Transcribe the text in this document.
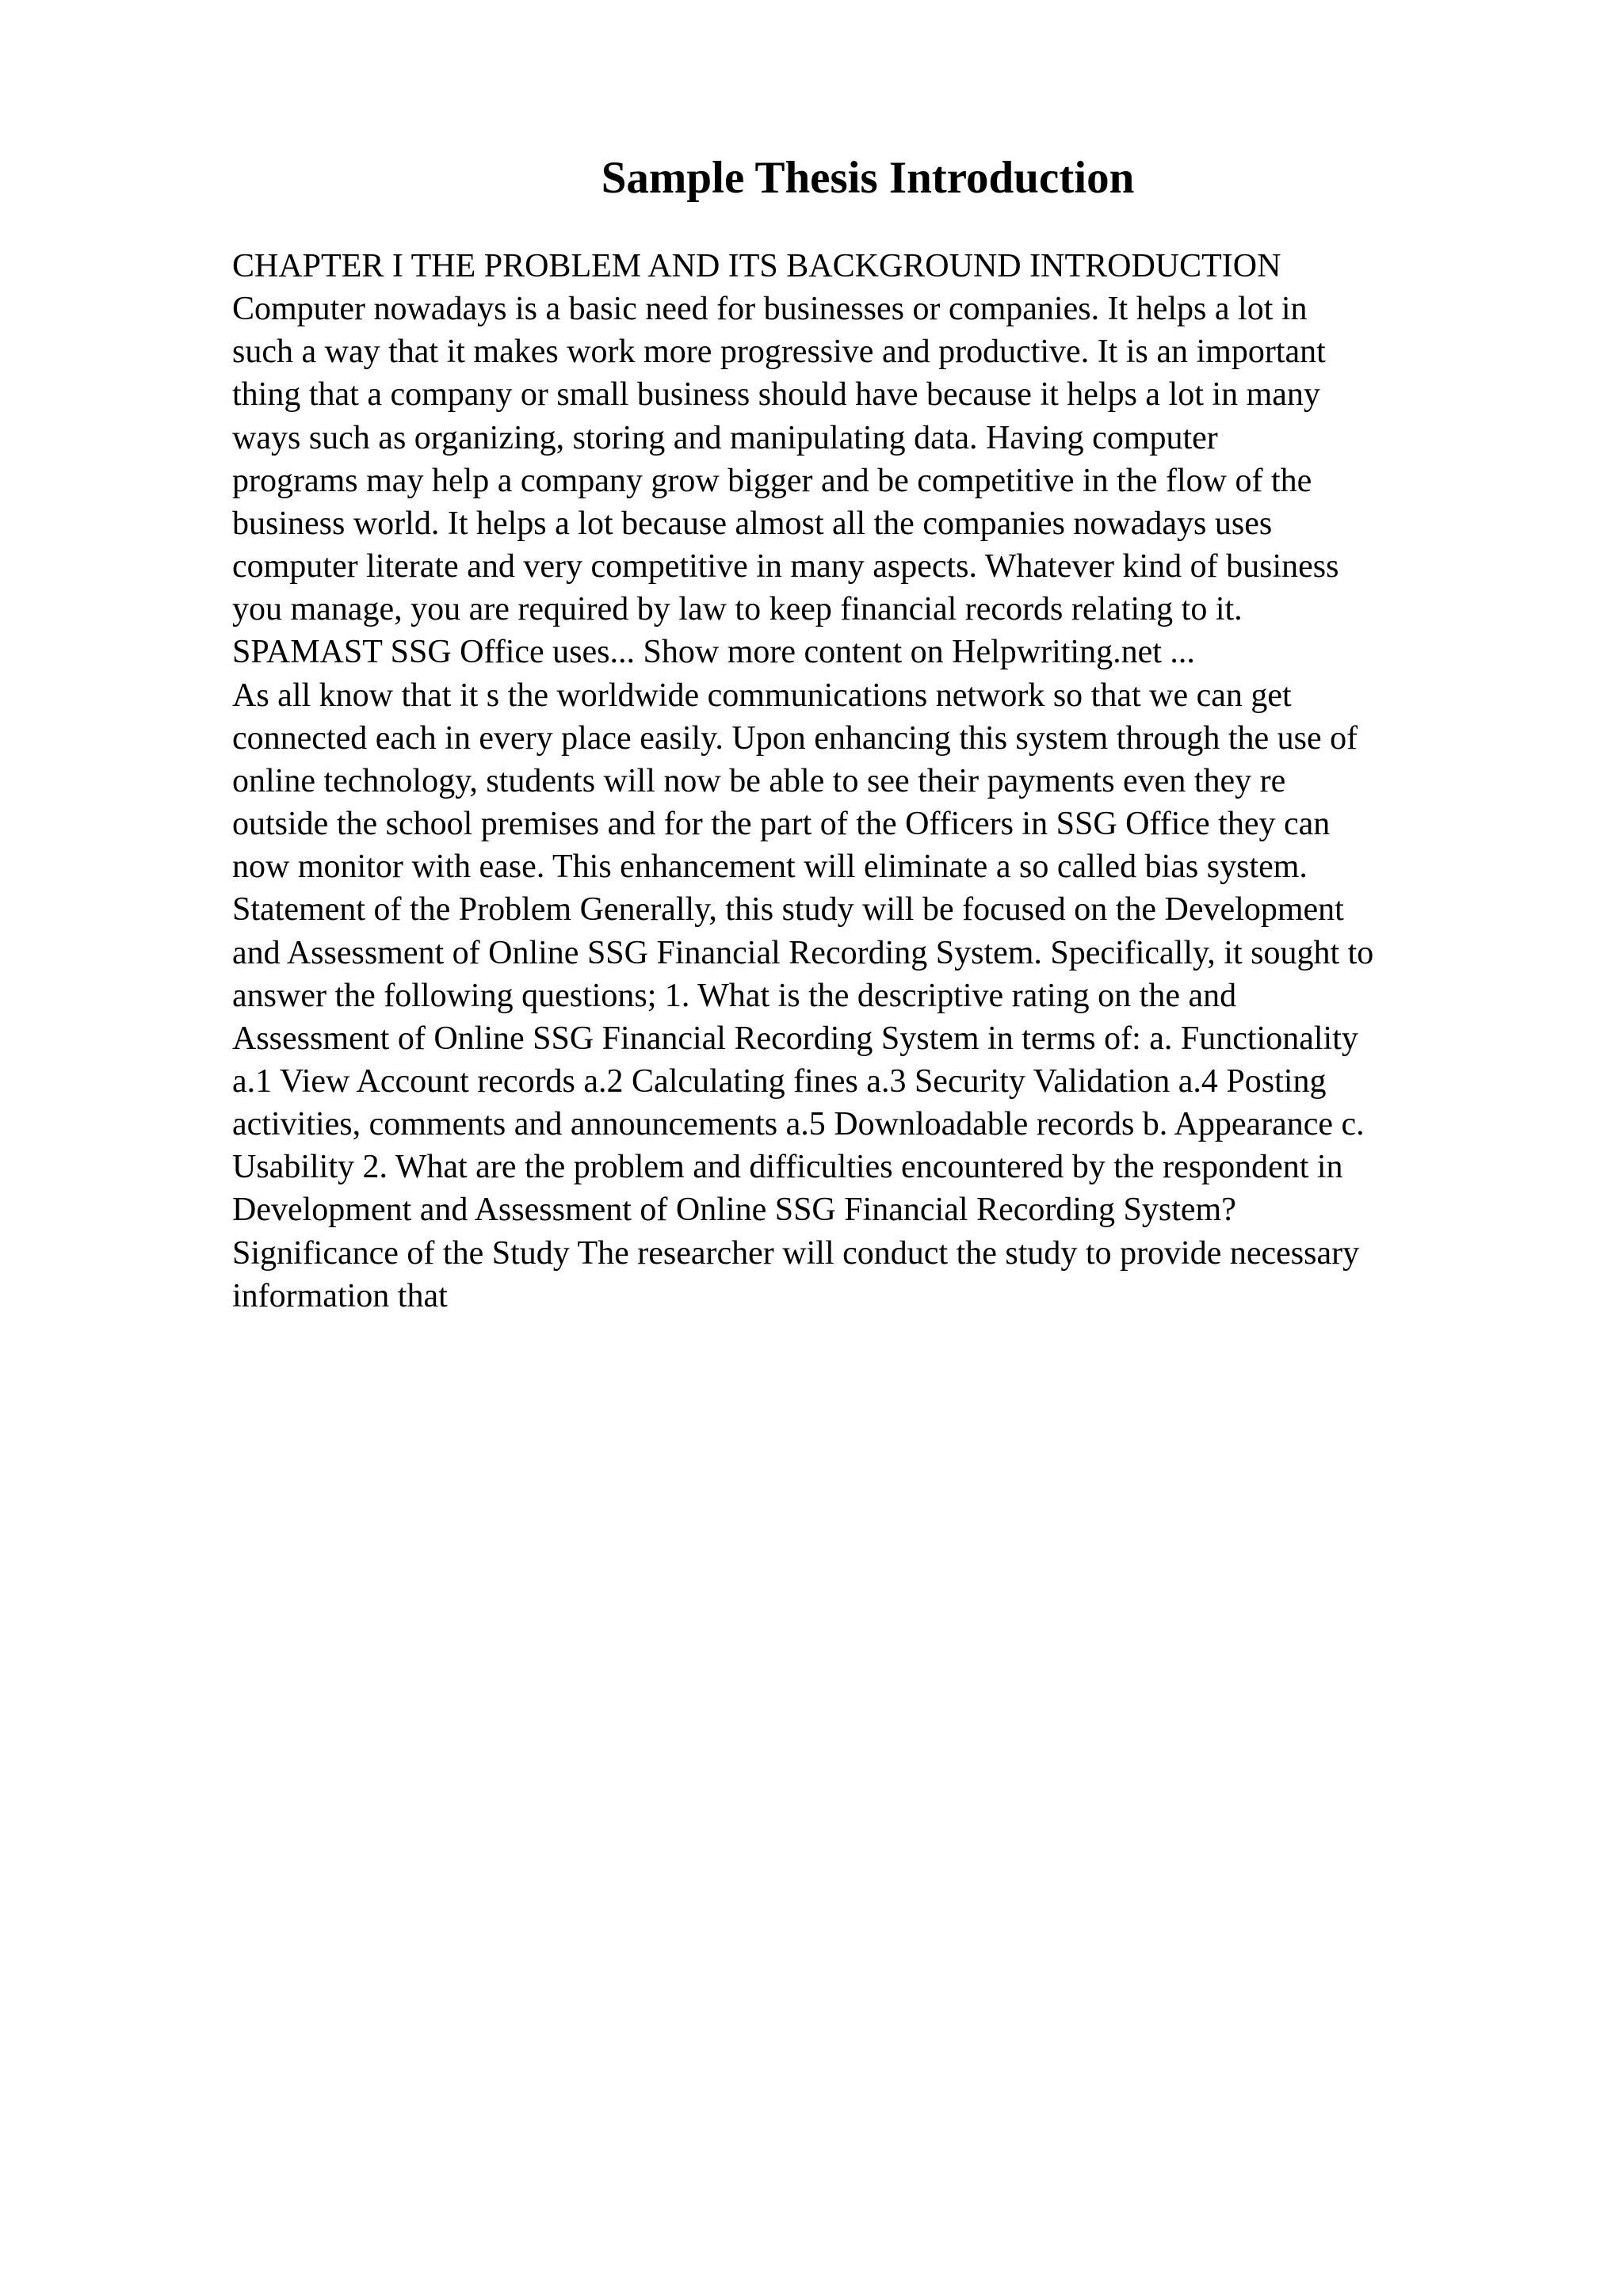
Sample Thesis Introduction
CHAPTER I THE PROBLEM AND ITS BACKGROUND INTRODUCTION
Computer nowadays is a basic need for businesses or companies. It helps a lot in
such a way that it makes work more progressive and productive. It is an important
thing that a company or small business should have because it helps a lot in many
ways such as organizing, storing and manipulating data. Having computer
programs may help a company grow bigger and be competitive in the flow of the
business world. It helps a lot because almost all the companies nowadays uses
computer literate and very competitive in many aspects. Whatever kind of business
you manage, you are required by law to keep financial records relating to it.
SPAMAST SSG Office uses... Show more content on Helpwriting.net ...
As all know that it s the worldwide communications network so that we can get
connected each in every place easily. Upon enhancing this system through the use of
online technology, students will now be able to see their payments even they re
outside the school premises and for the part of the Officers in SSG Office they can
now monitor with ease. This enhancement will eliminate a so called bias system.
Statement of the Problem Generally, this study will be focused on the Development
and Assessment of Online SSG Financial Recording System. Specifically, it sought to
answer the following questions; 1. What is the descriptive rating on the and
Assessment of Online SSG Financial Recording System in terms of: a. Functionality
a.1 View Account records a.2 Calculating fines a.3 Security Validation a.4 Posting
activities, comments and announcements a.5 Downloadable records b. Appearance c.
Usability 2. What are the problem and difficulties encountered by the respondent in
Development and Assessment of Online SSG Financial Recording System?
Significance of the Study The researcher will conduct the study to provide necessary
information that
